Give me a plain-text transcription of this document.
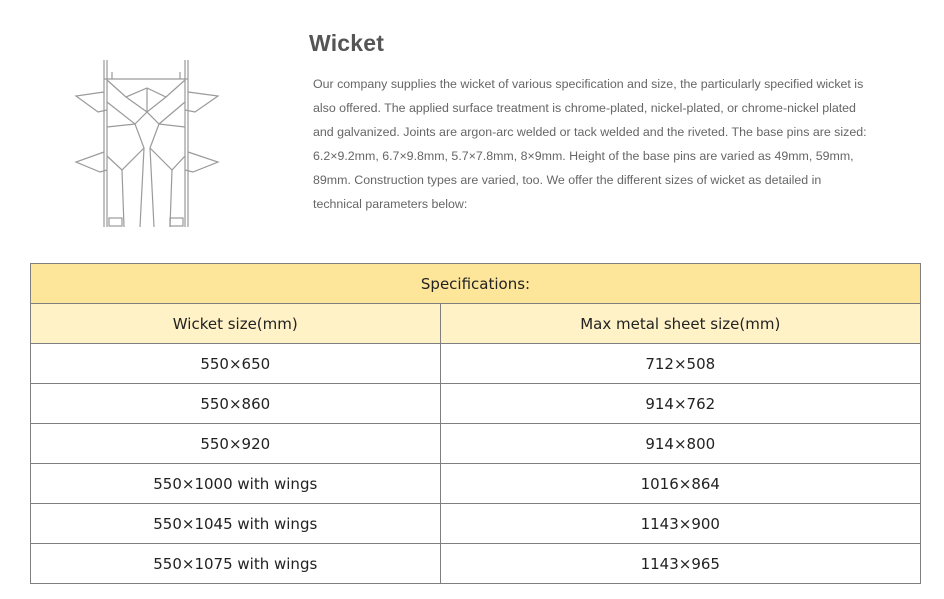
Wicket
Our company supplies the wicket of various specification and size, the particularly specified wicket is also offered. The applied surface treatment is chrome-plated, nickel-plated, or chrome-nickel plated and galvanized. Joints are argon-arc welded or tack welded and the riveted. The base pins are sized: 6.2×9.2mm, 6.7×9.8mm, 5.7×7.8mm, 8×9mm. Height of the base pins are varied as 49mm, 59mm, 89mm. Construction types are varied, too. We offer the different sizes of wicket as detailed in technical parameters below:
Specifications:	
Wicket size(mm)	Max metal sheet size(mm)
550×650	712×508
550×860	914×762
550×920	914×800
550×1000 with wings	1016×864
550×1045 with wings	1143×900
550×1075 with wings	1143×965
